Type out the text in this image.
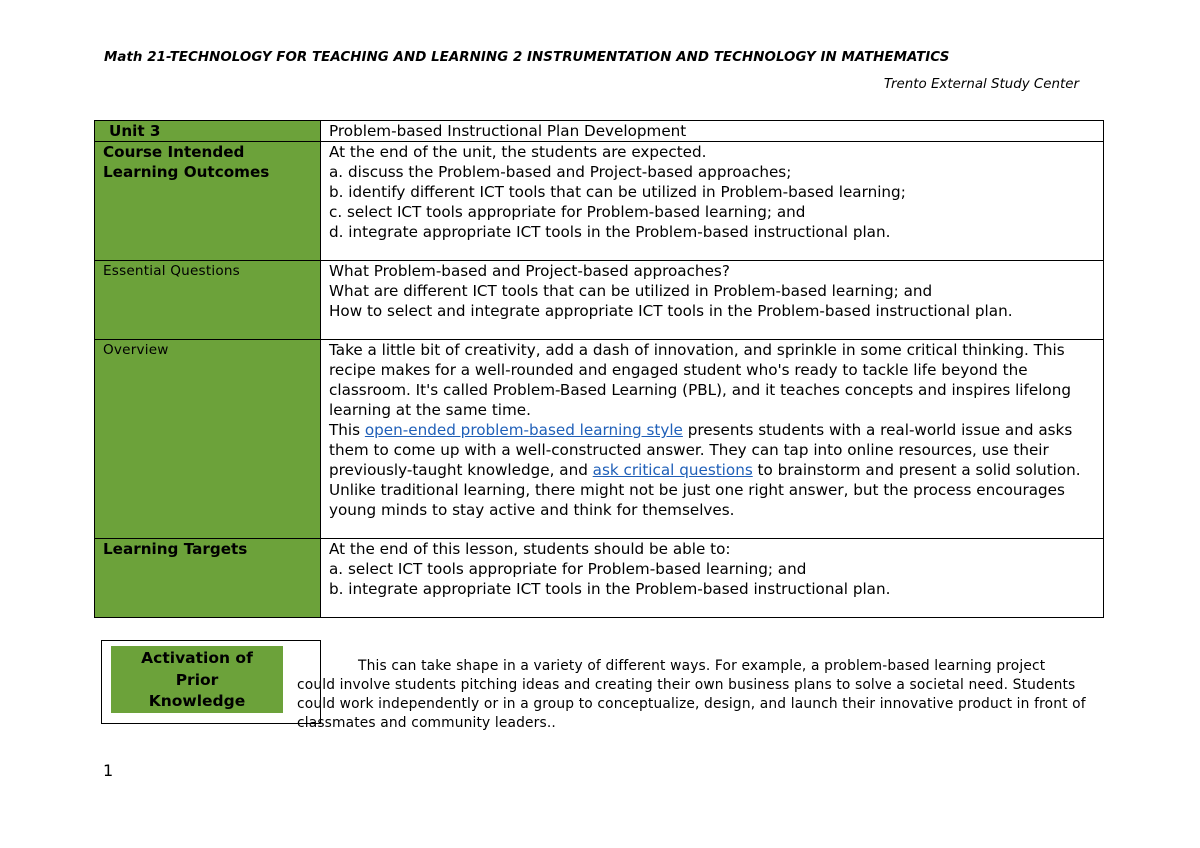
Math 21-TECHNOLOGY FOR TEACHING AND LEARNING 2 INSTRUMENTATION AND TECHNOLOGY IN MATHEMATICS
Trento External Study Center
Unit 3	Problem-based Instructional Plan Development
Course Intended Learning Outcomes	At the end of the unit, the students are expected.
a. discuss the Problem-based and Project-based approaches;
b. identify different ICT tools that can be utilized in Problem-based learning;
c. select ICT tools appropriate for Problem-based learning; and
d. integrate appropriate ICT tools in the Problem-based instructional plan.

Essential Questions	What Problem-based and Project-based approaches?
What are different ICT tools that can be utilized in Problem-based learning; and
How to select and integrate appropriate ICT tools in the Problem-based instructional plan.

Overview	Take a little bit of creativity, add a dash of innovation, and sprinkle in some critical thinking. This recipe makes for a well-rounded and engaged student who's ready to tackle life beyond the classroom. It's called Problem-Based Learning (PBL), and it teaches concepts and inspires lifelong learning at the same time.
This open-ended problem-based learning style presents students with a real-world issue and asks them to come up with a well-constructed answer. They can tap into online resources, use their previously-taught knowledge, and ask critical questions to brainstorm and present a solid solution. Unlike traditional learning, there might not be just one right answer, but the process encourages young minds to stay active and think for themselves.

Learning Targets	At the end of this lesson, students should be able to:
a. select ICT tools appropriate for Problem-based learning; and
b. integrate appropriate ICT tools in the Problem-based instructional plan.
Activation of
Prior
Knowledge
This can take shape in a variety of different ways. For example, a problem-based learning project could involve students pitching ideas and creating their own business plans to solve a societal need. Students could work independently or in a group to conceptualize, design, and launch their innovative product in front of classmates and community leaders..
1
